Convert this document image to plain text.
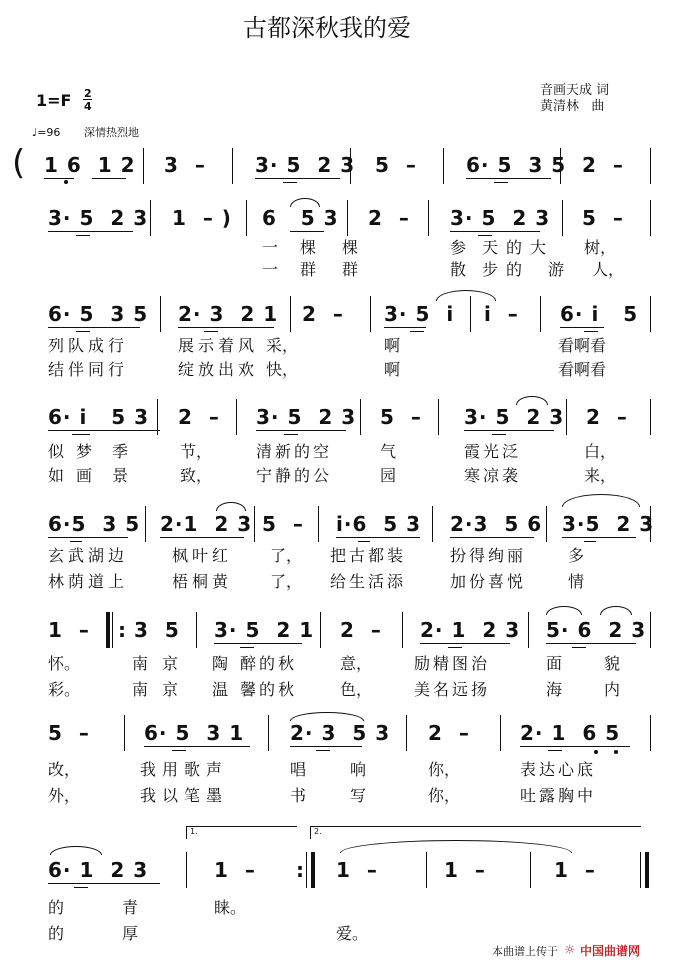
古都深秋我的爱
1=F 2
4
音画天成 词
黄清林   曲
♩=96 深情热烈地
( 1 6  1 2 3  – 3· 5  2 3 5  – 6· 5  3 5 2  –
3· 5  2 3 1  – ) 6   5 3 2  – 3· 5  2 3 5  –
一 棵 棵	参 天 的 大 树，
一 群 群	散 步 的 游 人，
6· 5  3 5 2· 3  2 1 2  – 3· 5  i i  – 6· i   5
列队成行	展示着风 采，	啊	看啊看
结伴同行	绽放出欢 快，	啊	看啊看
6· i   5 3 2  – 3· 5  2 3 5  – 3· 5  2 3 2  –
似 梦 季	节，	清新的空	气	霞光泛	白，
如 画 景	致，	宁静的公	园	寒凉袭	来，
6·5  3 5 2·1  2 3 5  – i·6  5 3 2·3  5 6 3·5  2 3
玄武湖边	枫叶红 了， 把古都装	扮得绚丽	多
林荫道上	梧桐黄 了， 给生活添	加份喜悦	情
1  – 3  5 3· 5  2 1 2  – 2· 1  2 3 5· 6  2 3
:
怀。	南 京 陶 醉的秋	意，	励精图治	面	貌
彩。	南 京 温 馨的秋	色，	美名远扬	海	内
5  –	6· 5  3 1 2· 3  5 3 2  –	2· 1  6 5
改，	我用歌声	唱	响	你，	表达心底
外，	我以笔墨	书	写	你，	吐露胸中
1.	2.
6· 1  2 3	1  – : 1  –	1  –	1  –
的	青	睐。
的	厚	爱。
本曲谱上传于 ☼ 中国曲谱网
